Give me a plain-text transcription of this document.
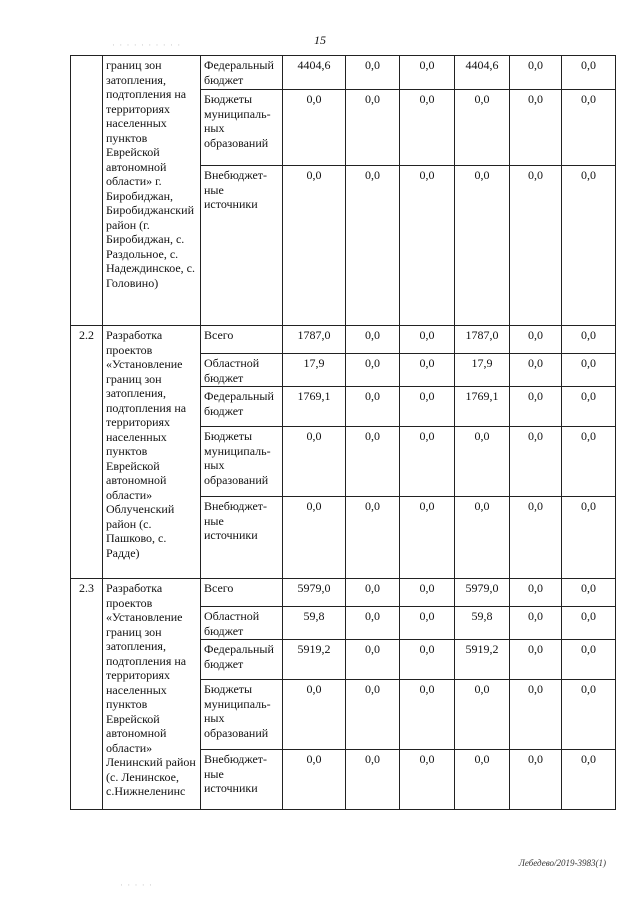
15
· · · · · · · · · ·
	границ зон затопления, подтопления на территориях населенных пунктов Еврейской автономной области» г. Биробиджан, Биробиджанский район (г. Биробиджан, с. Раздольное, с. Надеждинское, с. Головино)	Федеральный бюджет	4404,6	0,0	0,0	4404,6	0,0	0,0
		Бюджеты муниципаль-ных образований	0,0	0,0	0,0	0,0	0,0	0,0
		Внебюджет-ные источники	0,0	0,0	0,0	0,0	0,0	0,0
2.2	Разработка проектов «Установление границ зон затопления, подтопления на территориях населенных пунктов Еврейской автономной области» Облученский район (с. Пашково, с. Радде)	Всего	1787,0	0,0	0,0	1787,0	0,0	0,0
		Областной бюджет	17,9	0,0	0,0	17,9	0,0	0,0
		Федеральный бюджет	1769,1	0,0	0,0	1769,1	0,0	0,0
		Бюджеты муниципаль-ных образований	0,0	0,0	0,0	0,0	0,0	0,0
		Внебюджет-ные источники	0,0	0,0	0,0	0,0	0,0	0,0
2.3	Разработка проектов «Установление границ зон затопления, подтопления на территориях населенных пунктов Еврейской автономной области» Ленинский район (с. Ленинское, с.Нижнеленинс	Всего	5979,0	0,0	0,0	5979,0	0,0	0,0
		Областной бюджет	59,8	0,0	0,0	59,8	0,0	0,0
		Федеральный бюджет	5919,2	0,0	0,0	5919,2	0,0	0,0
		Бюджеты муниципаль-ных образований	0,0	0,0	0,0	0,0	0,0	0,0
		Внебюджет-ные источники	0,0	0,0	0,0	0,0	0,0	0,0
· · · · ·
Лебедево/2019-3983(1)
